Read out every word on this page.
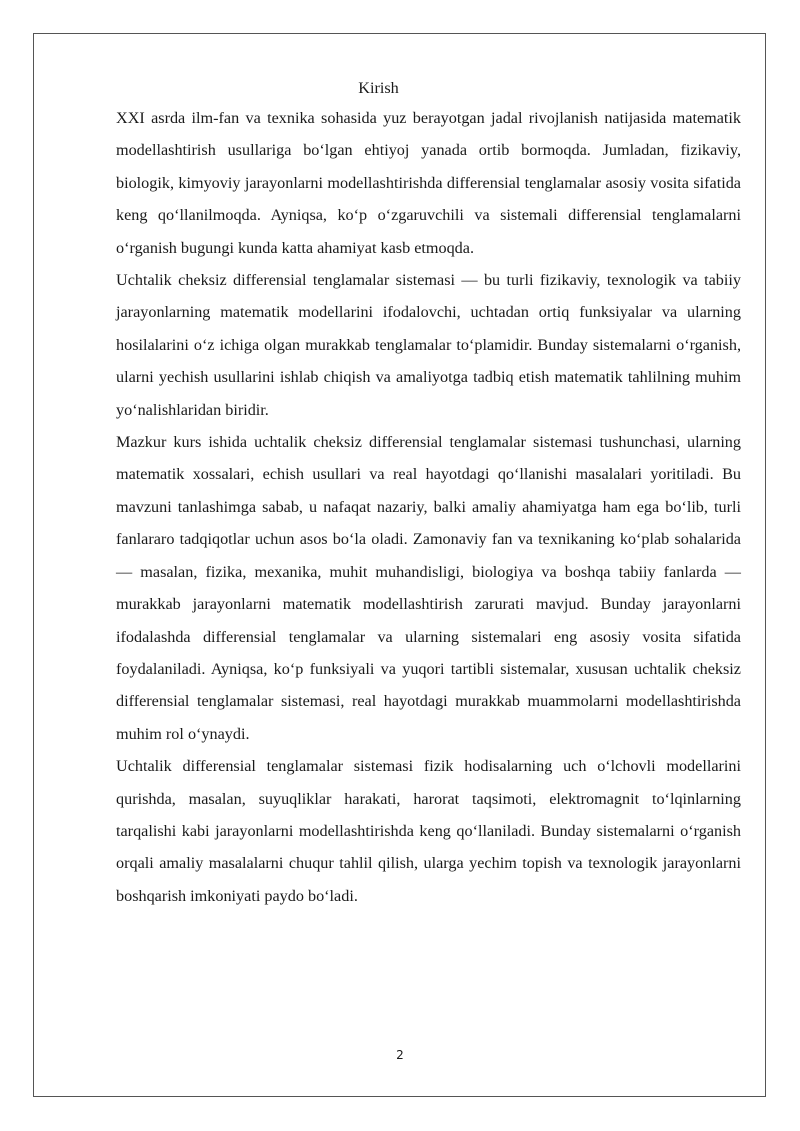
Kirish

XXI asrda ilm-fan va texnika sohasida yuz berayotgan jadal rivojlanish natijasida matematik modellashtirish usullariga bo‘lgan ehtiyoj yanada ortib bormoqda. Jumladan, fizikaviy, biologik, kimyoviy jarayonlarni modellashtirishda differensial tenglamalar asosiy vosita sifatida keng qo‘llanilmoqda. Ayniqsa, ko‘p o‘zgaruvchili va sistemali differensial tenglamalarni o‘rganish bugungi kunda katta ahamiyat kasb etmoqda.

Uchtalik cheksiz differensial tenglamalar sistemasi — bu turli fizikaviy, texnologik va tabiiy jarayonlarning matematik modellarini ifodalovchi, uchtadan ortiq funksiyalar va ularning hosilalarini o‘z ichiga olgan murakkab tenglamalar to‘plamidir. Bunday sistemalarni o‘rganish, ularni yechish usullarini ishlab chiqish va amaliyotga tadbiq etish matematik tahlilning muhim yo‘nalishlaridan biridir.

Mazkur kurs ishida uchtalik cheksiz differensial tenglamalar sistemasi tushunchasi, ularning matematik xossalari, echish usullari va real hayotdagi qo‘llanishi masalalari yoritiladi. Bu mavzuni tanlashimga sabab, u nafaqat nazariy, balki amaliy ahamiyatga ham ega bo‘lib, turli fanlararo tadqiqotlar uchun asos bo‘la oladi. Zamonaviy fan va texnikaning ko‘plab sohalarida — masalan, fizika, mexanika, muhit muhandisligi, biologiya va boshqa tabiiy fanlarda — murakkab jarayonlarni matematik modellashtirish zarurati mavjud. Bunday jarayonlarni ifodalashda differensial tenglamalar va ularning sistemalari eng asosiy vosita sifatida foydalaniladi. Ayniqsa, ko‘p funksiyali va yuqori tartibli sistemalar, xususan uchtalik cheksiz differensial tenglamalar sistemasi, real hayotdagi murakkab muammolarni modellashtirishda muhim rol o‘ynaydi.

Uchtalik differensial tenglamalar sistemasi fizik hodisalarning uch o‘lchovli modellarini qurishda, masalan, suyuqliklar harakati, harorat taqsimoti, elektromagnit to‘lqinlarning tarqalishi kabi jarayonlarni modellashtirishda keng qo‘llaniladi. Bunday sistemalarni o‘rganish orqali amaliy masalalarni chuqur tahlil qilish, ularga yechim topish va texnologik jarayonlarni boshqarish imkoniyati paydo bo‘ladi.

2
